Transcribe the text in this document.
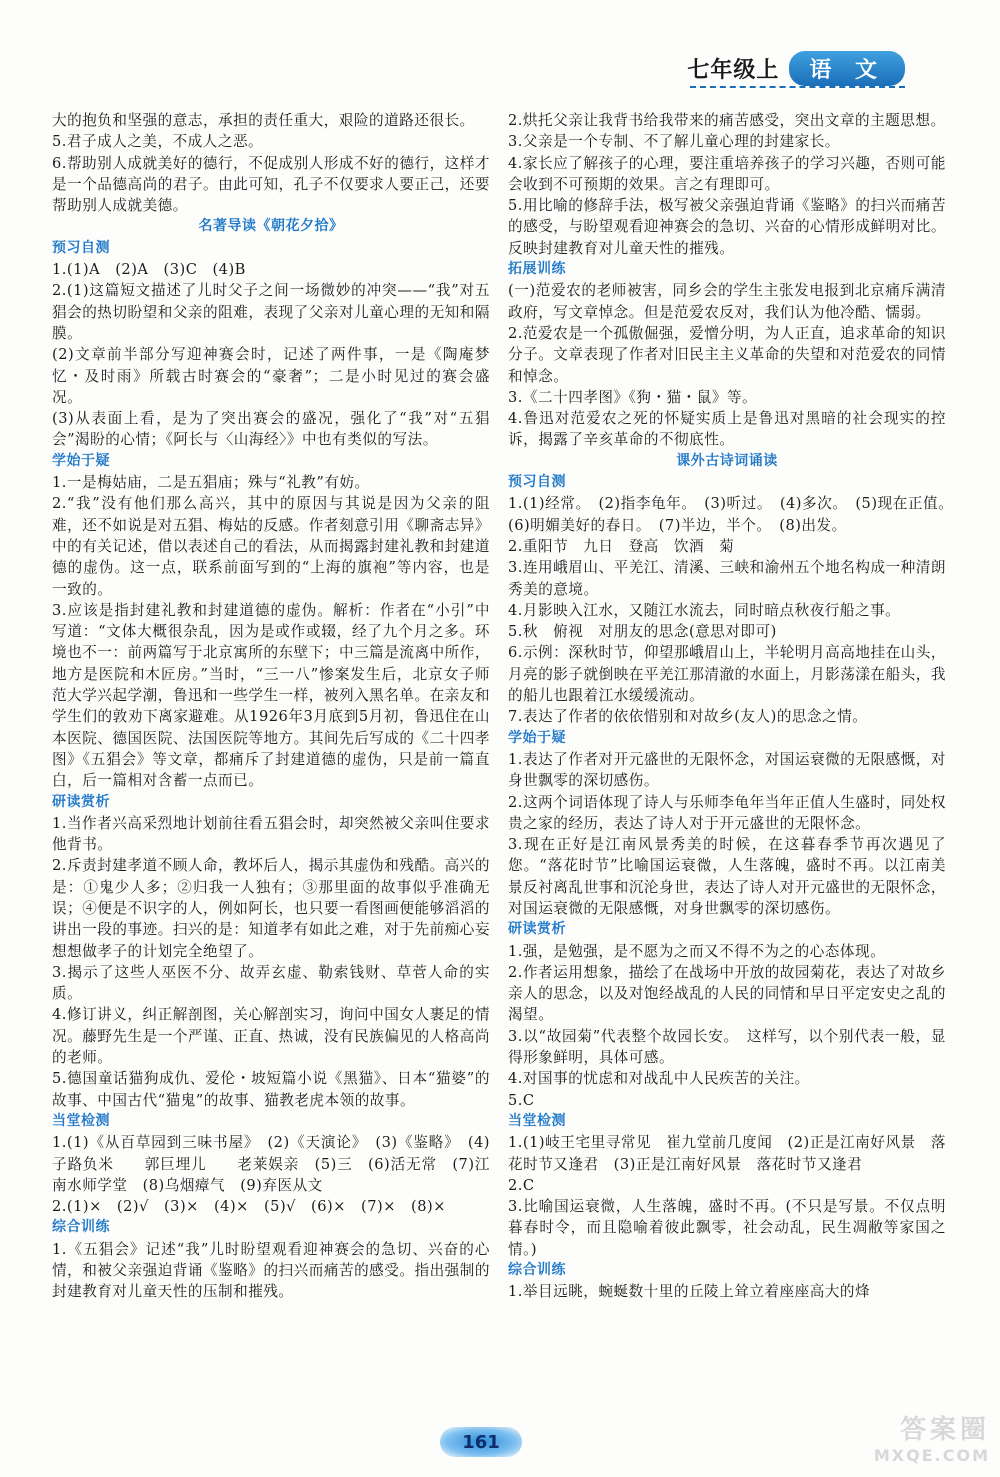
七年级上	语 文

大的抱负和坚强的意志，承担的责任重大，艰险的道路还很长。

5.君子成人之美，不成人之恶。

6.帮助别人成就美好的德行，不促成别人形成不好的德行，这样才是一个品德高尚的君子。由此可知，孔子不仅要求人要正己，还要帮助别人成就美德。

名著导读《朝花夕拾》

预习自测

1.(1)A　(2)A　(3)C　(4)B

2.(1)这篇短文描述了儿时父子之间一场微妙的冲突——“我”对五猖会的热切盼望和父亲的阻难，表现了父亲对儿童心理的无知和隔膜。

(2)文章前半部分写迎神赛会时，记述了两件事，一是《陶庵梦忆・及时雨》所载古时赛会的“豪奢”；二是小时见过的赛会盛况。

(3)从表面上看，是为了突出赛会的盛况，强化了“我”对“五猖会”渴盼的心情；《阿长与〈山海经〉》中也有类似的写法。

学始于疑

1.一是梅姑庙，二是五猖庙；殊与“礼教”有妨。

2.“我”没有他们那么高兴，其中的原因与其说是因为父亲的阻难，还不如说是对五猖、梅姑的反感。作者刻意引用《聊斋志异》中的有关记述，借以表述自己的看法，从而揭露封建礼教和封建道德的虚伪。这一点，联系前面写到的“上海的旗袍”等内容，也是一致的。

3.应该是指封建礼教和封建道德的虚伪。解析：作者在“小引”中写道：“文体大概很杂乱，因为是或作或辍，经了九个月之多。环境也不一：前两篇写于北京寓所的东壁下；中三篇是流离中所作，地方是医院和木匠房。”当时，“三一八”惨案发生后，北京女子师范大学兴起学潮，鲁迅和一些学生一样，被列入黑名单。在亲友和学生们的敦劝下离家避难。从1926年3月底到5月初，鲁迅住在山本医院、德国医院、法国医院等地方。其间先后写成的《二十四孝图》《五猖会》等文章，都痛斥了封建道德的虚伪，只是前一篇直白，后一篇相对含蓄一点而已。

研读赏析

1.当作者兴高采烈地计划前往看五猖会时，却突然被父亲叫住要求他背书。

2.斥责封建孝道不顾人命，教坏后人，揭示其虚伪和残酷。高兴的是：①鬼少人多；②归我一人独有；③那里面的故事似乎准确无误；④便是不识字的人，例如阿长，也只要一看图画便能够滔滔的讲出一段的事迹。扫兴的是：知道孝有如此之难，对于先前痴心妄想想做孝子的计划完全绝望了。

3.揭示了这些人巫医不分、故弄玄虚、勒索钱财、草菅人命的实质。

4.修订讲义，纠正解剖图，关心解剖实习，询问中国女人裹足的情况。藤野先生是一个严谨、正直、热诚，没有民族偏见的人格高尚的老师。

5.德国童话猫狗成仇、爱伦・坡短篇小说《黑猫》、日本“猫婆”的故事、中国古代“猫鬼”的故事、猫教老虎本领的故事。

当堂检测

1.(1)《从百草园到三味书屋》　(2)《天演论》　(3)《鉴略》　(4)子路负米　　郭巨埋儿　　老莱娱亲　(5)三　(6)活无常　(7)江南水师学堂　(8)乌烟瘴气　(9)弃医从文

2.(1)×　(2)√　(3)×　(4)×　(5)√　(6)×　(7)×　(8)×

综合训练

1.《五猖会》记述“我”儿时盼望观看迎神赛会的急切、兴奋的心情，和被父亲强迫背诵《鉴略》的扫兴而痛苦的感受。指出强制的封建教育对儿童天性的压制和摧残。

2.烘托父亲让我背书给我带来的痛苦感受，突出文章的主题思想。

3.父亲是一个专制、不了解儿童心理的封建家长。

4.家长应了解孩子的心理，要注重培养孩子的学习兴趣，否则可能会收到不可预期的效果。言之有理即可。

5.用比喻的修辞手法，极写被父亲强迫背诵《鉴略》的扫兴而痛苦的感受，与盼望观看迎神赛会的急切、兴奋的心情形成鲜明对比。反映封建教育对儿童天性的摧残。

拓展训练

(一)范爱农的老师被害，同乡会的学生主张发电报到北京痛斥满清政府，写文章悼念。但是范爱农反对，我们认为他冷酷、懦弱。

2.范爱农是一个孤傲倔强，爱憎分明，为人正直，追求革命的知识分子。文章表现了作者对旧民主主义革命的失望和对范爱农的同情和悼念。

3.《二十四孝图》《狗・猫・鼠》等。

4.鲁迅对范爱农之死的怀疑实质上是鲁迅对黑暗的社会现实的控诉，揭露了辛亥革命的不彻底性。

课外古诗词诵读

预习自测

1.(1)经常。　(2)指李龟年。　(3)听过。　(4)多次。　(5)现在正值。　(6)明媚美好的春日。　(7)半边，半个。　(8)出发。

2.重阳节　九日　登高　饮酒　菊

3.连用峨眉山、平羌江、清溪、三峡和渝州五个地名构成一种清朗秀美的意境。

4.月影映入江水，又随江水流去，同时暗点秋夜行船之事。

5.秋　俯视　对朋友的思念(意思对即可)

6.示例：深秋时节，仰望那峨眉山上，半轮明月高高地挂在山头，月亮的影子就倒映在平羌江那清澈的水面上，月影荡漾在船头，我的船儿也跟着江水缓缓流动。

7.表达了作者的依依惜别和对故乡(友人)的思念之情。

学始于疑

1.表达了作者对开元盛世的无限怀念，对国运衰微的无限感慨，对身世飘零的深切感伤。

2.这两个词语体现了诗人与乐师李龟年当年正值人生盛时，同处权贵之家的经历，表达了诗人对于开元盛世的无限怀念。

3.现在正好是江南风景秀美的时候，在这暮春季节再次遇见了您。“落花时节”比喻国运衰微，人生落魄，盛时不再。以江南美景反衬离乱世事和沉沦身世，表达了诗人对开元盛世的无限怀念，对国运衰微的无限感慨，对身世飘零的深切感伤。

研读赏析

1.强，是勉强，是不愿为之而又不得不为之的心态体现。

2.作者运用想象，描绘了在战场中开放的故园菊花，表达了对故乡亲人的思念，以及对饱经战乱的人民的同情和早日平定安史之乱的渴望。

3.以“故园菊”代表整个故园长安。　这样写，以个别代表一般，显得形象鲜明，具体可感。

4.对国事的忧虑和对战乱中人民疾苦的关注。

5.C

当堂检测

1.(1)岐王宅里寻常见　崔九堂前几度闻　(2)正是江南好风景　落花时节又逢君　(3)正是江南好风景　落花时节又逢君

2.C

3.比喻国运衰微，人生落魄，盛时不再。(不只是写景。不仅点明暮春时令，而且隐喻着彼此飘零，社会动乱，民生凋敝等家国之情。)

综合训练

1.举目远眺，蜿蜒数十里的丘陵上耸立着座座高大的烽

161	答案圈
MXQE.COM
